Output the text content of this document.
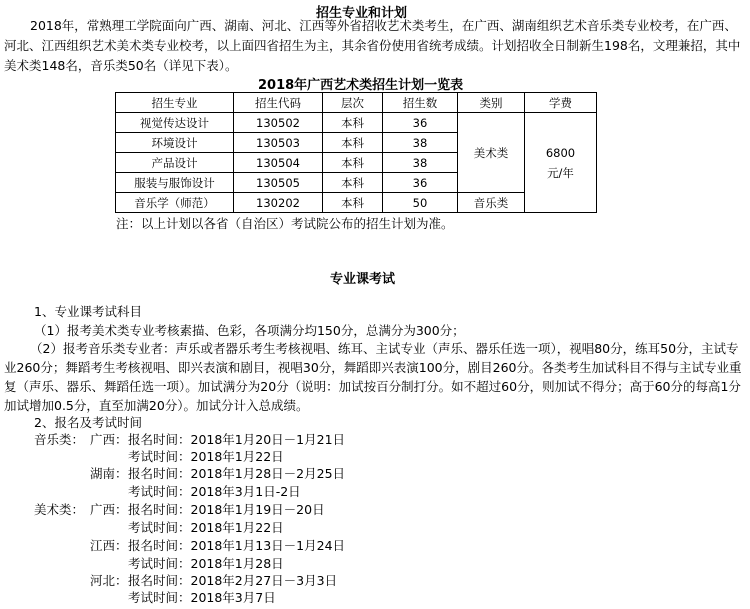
招生专业和计划
2018年，常熟理工学院面向广西、湖南、河北、江西等外省招收艺术类考生，在广西、湖南组织艺术音乐类专业校考，在广西、河北、江西组织艺术美术类专业校考，以上面四省招生为主，其余省份使用省统考成绩。计划招收全日制新生198名，文理兼招，其中美术类148名，音乐类50名（详见下表）。
2018年广西艺术类招生计划一览表
招生专业	招生代码	层次	招生数	类别	学费
视觉传达设计	130502	本科	36	美术类	6800
元/年

环境设计	130503	本科	38		
产品设计	130504	本科	38		
服装与服饰设计	130505	本科	36		
音乐学（师范）	130202	本科	50	音乐类	
注：以上计划以各省（自治区）考试院公布的招生计划为准。
专业课考试
1、专业课考试科目
（1）报考美术类专业考核素描、色彩，各项满分均150分，总满分为300分；
（2）报考音乐类专业者：声乐或者器乐考生考核视唱、练耳、主试专业（声乐、器乐任选一项），视唱80分，练耳50分，主试专业260分；舞蹈考生考核视唱、即兴表演和剧目，视唱30分，舞蹈即兴表演100分，剧目260分。各类考生加试科目不得与主试专业重复（声乐、器乐、舞蹈任选一项）。加试满分为20分（说明：加试按百分制打分。如不超过60分，则加试不得分；高于60分的每高1分加试增加0.5分，直至加满20分）。加试分计入总成绩。
2、报名及考试时间
音乐类： 广西： 报名时间：2018年1月20日－1月21日
考试时间：2018年1月22日
湖南： 报名时间：2018年1月28日－2月25日
考试时间：2018年3月1日-2日
美术类： 广西： 报名时间：2018年1月19日－20日
考试时间：2018年1月22日
江西： 报名时间：2018年1月13日－1月24日
考试时间：2018年1月28日
河北： 报名时间：2018年2月27日－3月3日
考试时间：2018年3月7日
